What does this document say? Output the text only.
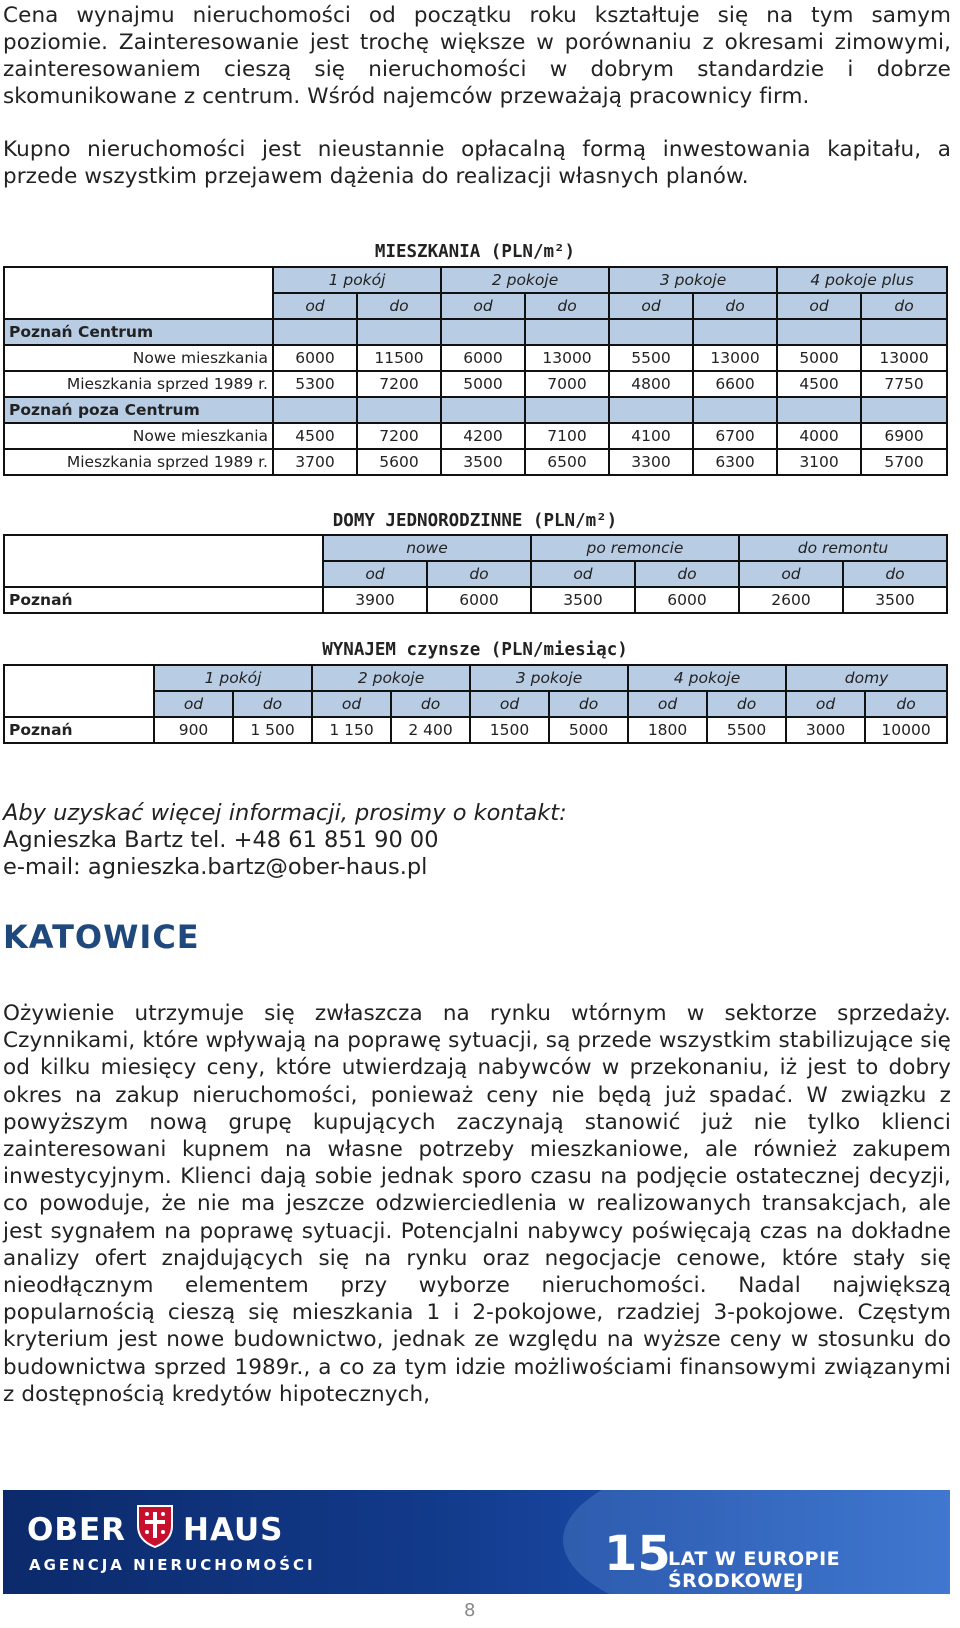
Cena wynajmu nieruchomości od początku roku kształtuje się na tym samym poziomie. Zainteresowanie jest trochę większe w porównaniu z okresami zimowymi, zainteresowaniem cieszą się nieruchomości w dobrym standardzie i dobrze skomunikowane z centrum. Wśród najemców przeważają pracownicy firm.

Kupno nieruchomości jest nieustannie opłacalną formą inwestowania kapitału, a przede wszystkim przejawem dążenia do realizacji własnych planów.

MIESZKANIA (PLN/m²)
	1 pokój		2 pokoje		3 pokoje		4 pokoje plus	
	od	do	od	do	od	do	od	do
Poznań Centrum								
Nowe mieszkania	6000	11500	6000	13000	5500	13000	5000	13000
Mieszkania sprzed 1989 r.	5300	7200	5000	7000	4800	6600	4500	7750
Poznań poza Centrum								
Nowe mieszkania	4500	7200	4200	7100	4100	6700	4000	6900
Mieszkania sprzed 1989 r.	3700	5600	3500	6500	3300	6300	3100	5700
DOMY JEDNORODZINNE (PLN/m²)
	nowe		po remoncie		do remontu	
	od	do	od	do	od	do
Poznań	3900	6000	3500	6000	2600	3500
WYNAJEM czynsze (PLN/miesiąc)
	1 pokój		2 pokoje		3 pokoje		4 pokoje		domy	
	od	do	od	do	od	do	od	do	od	do
Poznań	900	1 500	1 150	2 400	1500	5000	1800	5500	3000	10000
Aby uzyskać więcej informacji, prosimy o kontakt:
Agnieszka Bartz tel. +48 61 851 90 00
e-mail: agnieszka.bartz@ober-haus.pl
KATOWICE

Ożywienie utrzymuje się zwłaszcza na rynku wtórnym w sektorze sprzedaży. Czynnikami, które wpływają na poprawę sytuacji, są przede wszystkim stabilizujące się od kilku miesięcy ceny, które utwierdzają nabywców w przekonaniu, iż jest to dobry okres na zakup nieruchomości, ponieważ ceny nie będą już spadać. W związku z powyższym nową grupę kupujących zaczynają stanowić już nie tylko klienci zainteresowani kupnem na własne potrzeby mieszkaniowe, ale również zakupem inwestycyjnym. Klienci dają sobie jednak sporo czasu na podjęcie ostatecznej decyzji, co powoduje, że nie ma jeszcze odzwierciedlenia w realizowanych transakcjach, ale jest sygnałem na poprawę sytuacji. Potencjalni nabywcy poświęcają czas na dokładne analizy ofert znajdujących się na rynku oraz negocjacje cenowe, które stały się nieodłącznym elementem przy wyborze nieruchomości. Nadal największą popularnością cieszą się mieszkania 1 i 2-pokojowe, rzadziej 3-pokojowe. Częstym kryterium jest nowe budownictwo, jednak ze względu na wyższe ceny w stosunku do budownictwa sprzed 1989r., a co za tym idzie możliwościami finansowymi związanymi z dostępnością kredytów hipotecznych,

OBER HAUS
AGENCJA NIERUCHOMOŚCI	15
LAT W EUROPIE ŚRODKOWEJ
8
